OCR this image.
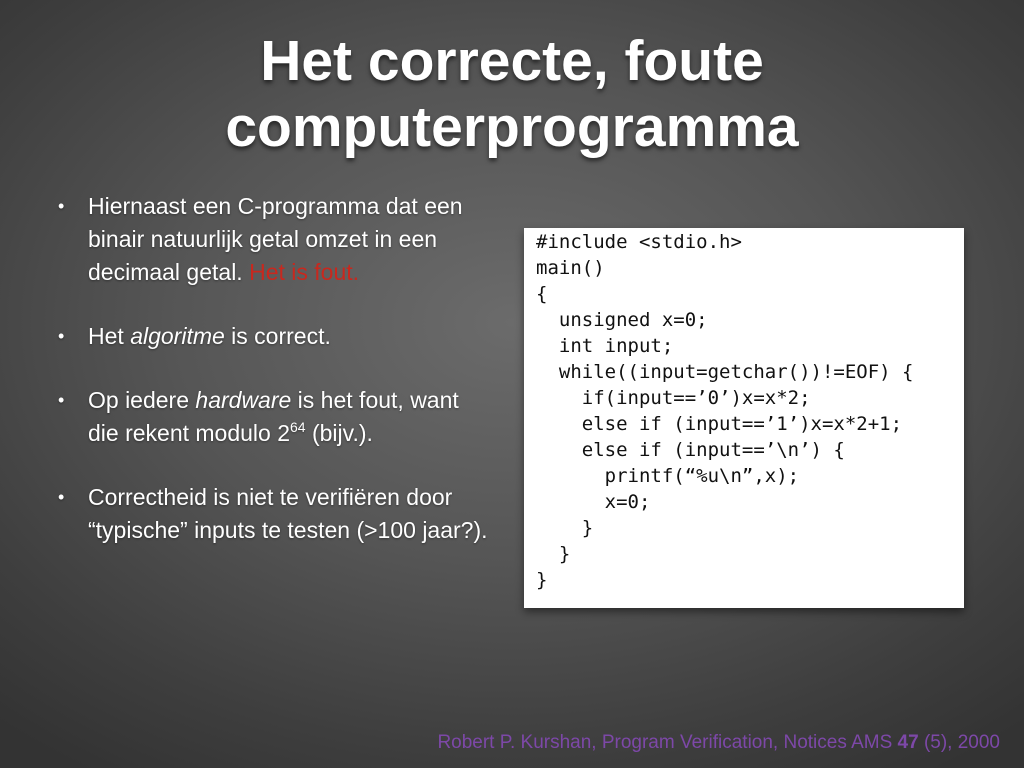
Het correcte, foute
computerprogramma
• Hiernaast een C-programma dat een binair natuurlijk getal omzet in een decimaal getal. Het is fout.
• Het algoritme is correct.
• Op iedere hardware is het fout, want die rekent modulo $2^{64}$ (bijv.).
• Correctheid is niet te verifiëren door “typische” inputs te testen (>100 jaar?).
#include <stdio.h>
main()
{
unsigned x=0;
int input;
while((input=getchar())!=EOF) {
if(input==’0’)x=x*2;
else if (input==’1’)x=x*2+1;
else if (input==’\n’) {
printf(“%u\n”,x);
x=0;
}
}
}
Robert P. Kurshan, Program Verification, Notices AMS 47 (5), 2000
